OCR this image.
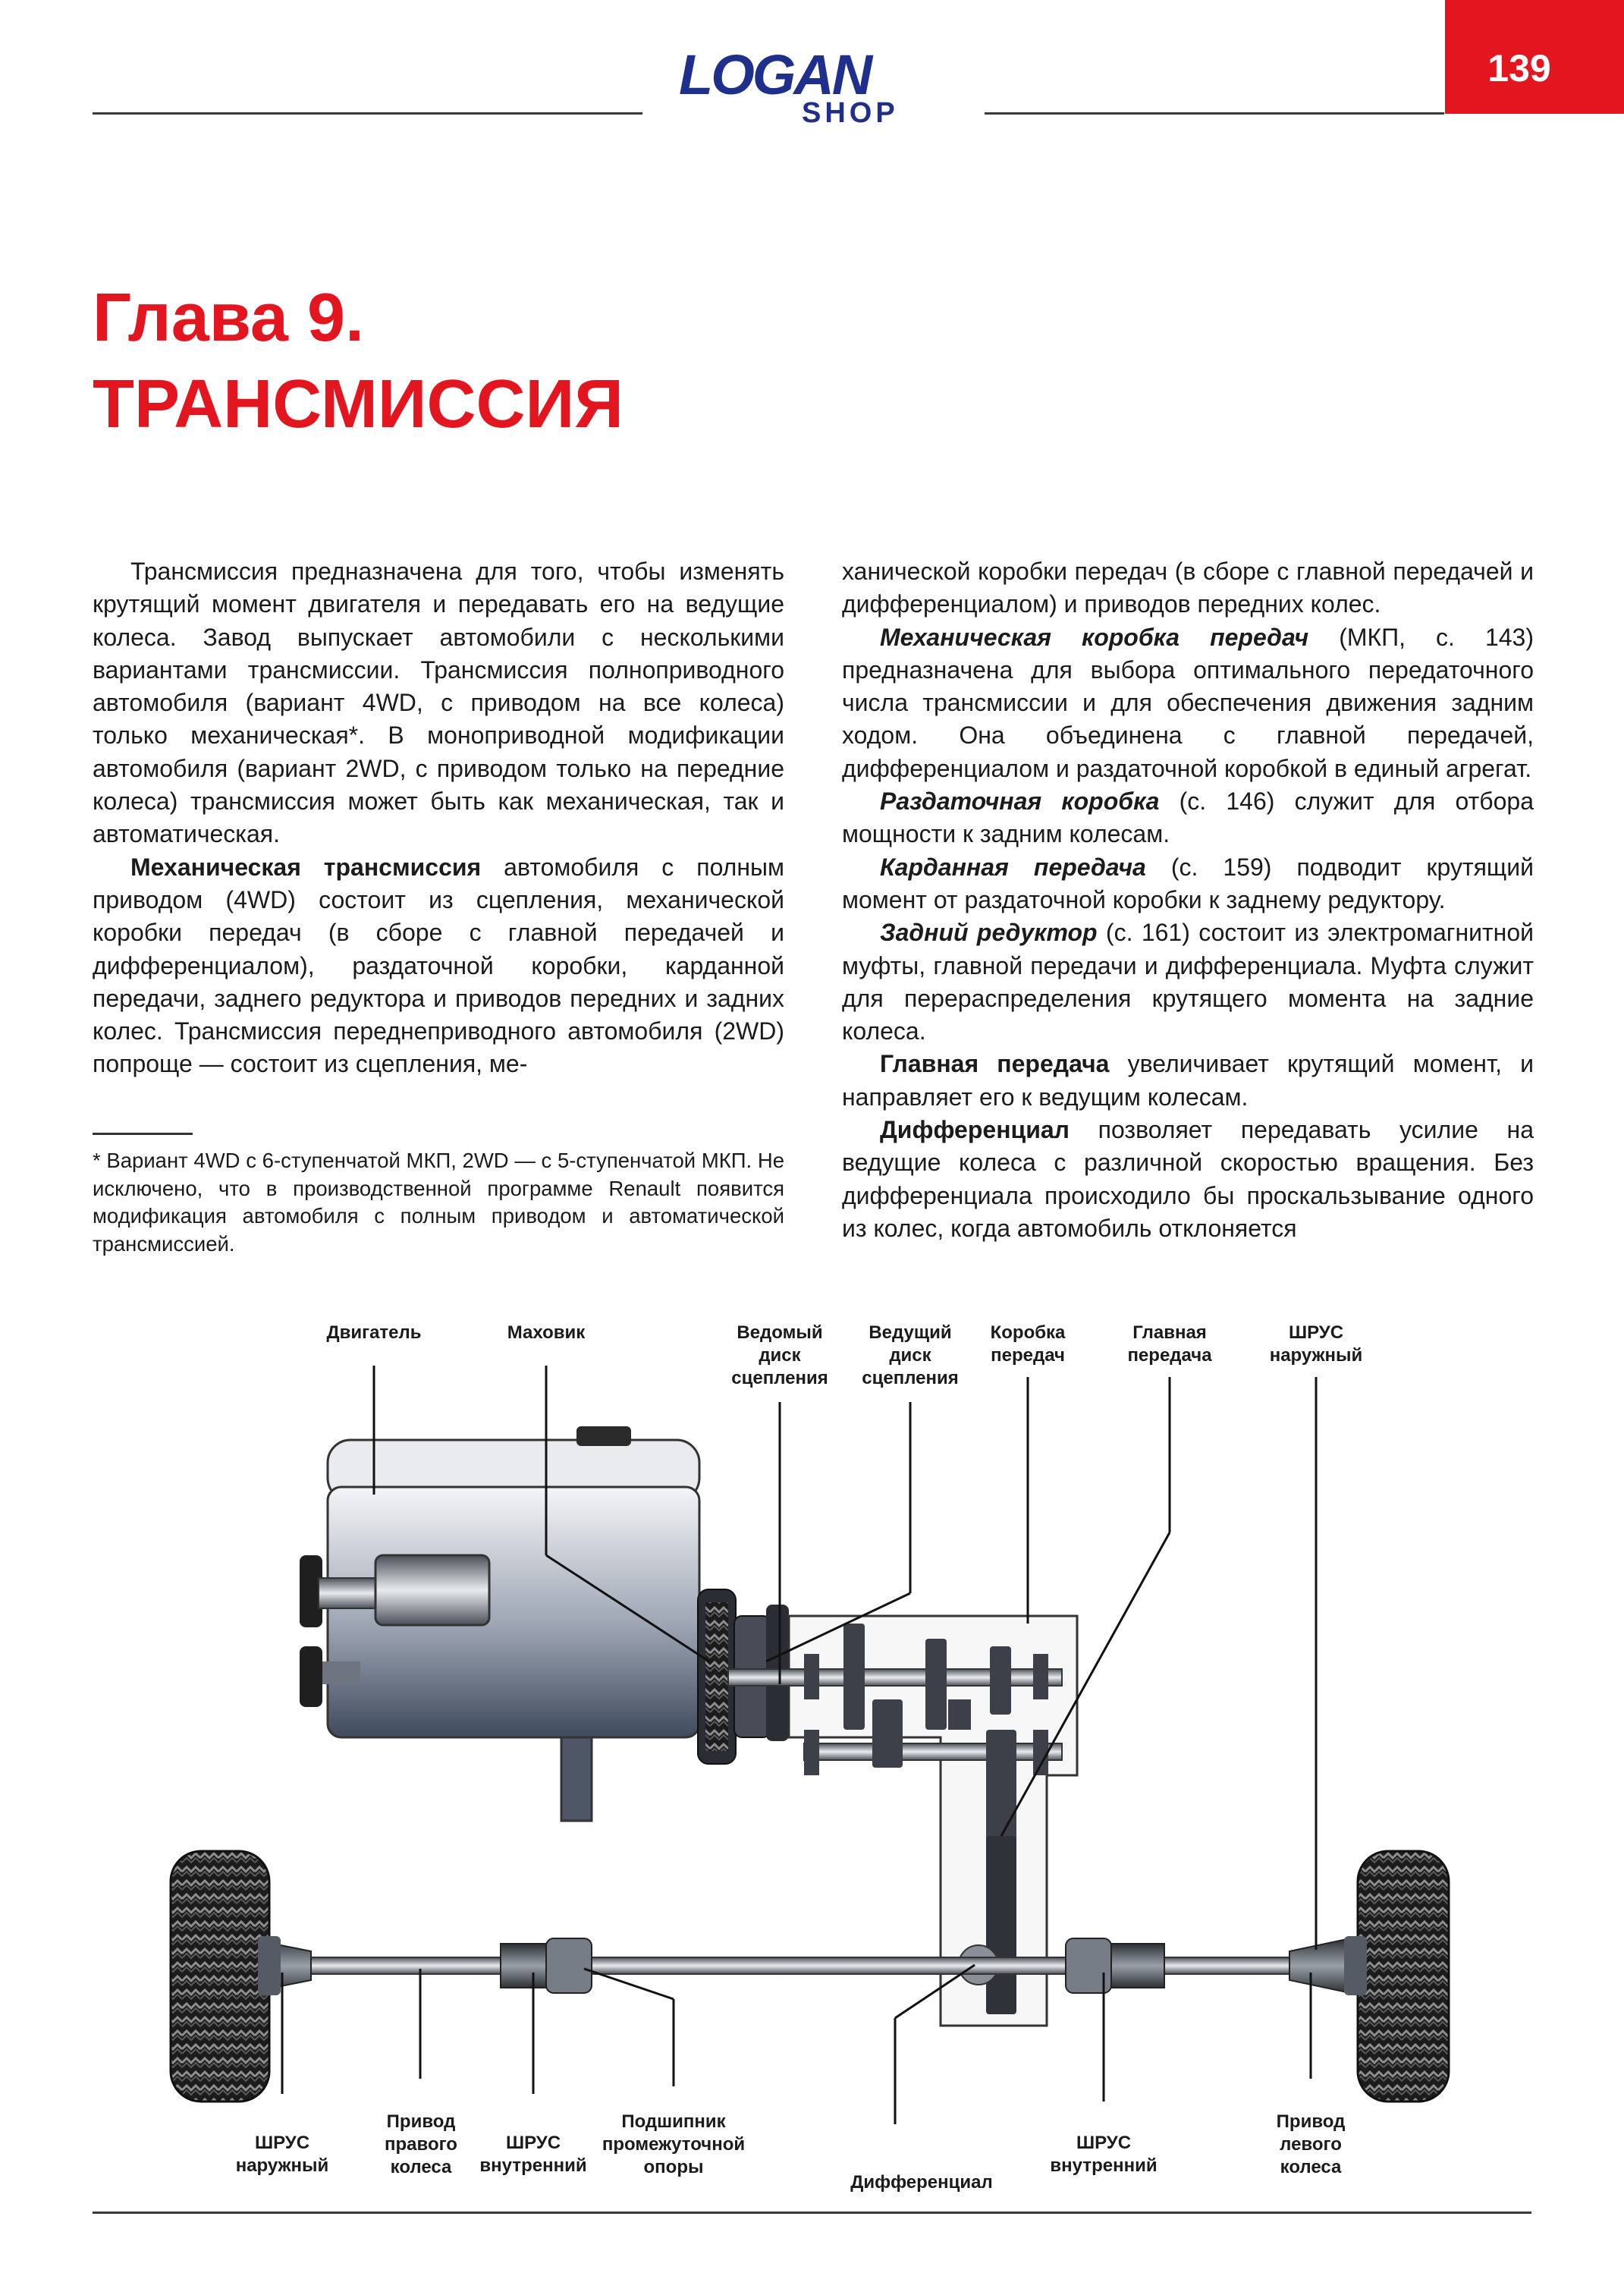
LOGAN
SHOP
139
Глава 9.
ТРАНСМИССИЯ

Трансмиссия предназначена для того, чтобы изменять крутящий момент двигателя и передавать его на ведущие колеса. Завод выпускает автомобили с несколькими вариантами трансмиссии. Трансмиссия полноприводного автомобиля (вариант 4WD, с приводом на все колеса) только механическая*. В моноприводной модификации автомобиля (вариант 2WD, с приводом только на передние колеса) трансмиссия может быть как механическая, так и автоматическая.

Механическая трансмиссия автомобиля с полным приводом (4WD) состоит из сцепления, механической коробки передач (в сборе с главной передачей и дифференциалом), раздаточной коробки, карданной передачи, заднего редуктора и приводов передних и задних колес. Трансмиссия переднеприводного автомобиля (2WD) попроще — состоит из сцепления, ме-

* Вариант 4WD с 6-ступенчатой МКП, 2WD — с 5-ступенчатой МКП. Не исключено, что в производственной программе Renault появится модификация автомобиля с полным приводом и автоматической трансмиссией.

ханической коробки передач (в сборе с главной передачей и дифференциалом) и приводов передних колес.

Механическая коробка передач (МКП, с. 143) предназначена для выбора оптимального передаточного числа трансмиссии и для обеспечения движения задним ходом. Она объединена с главной передачей, дифференциалом и раздаточной коробкой в единый агрегат.

Раздаточная коробка (с. 146) служит для отбора мощности к задним колесам.

Карданная передача (с. 159) подводит крутящий момент от раздаточной коробки к заднему редуктору.

Задний редуктор (с. 161) состоит из электромагнитной муфты, главной передачи и дифференциала. Муфта служит для перераспределения крутящего момента на задние колеса.

Главная передача увеличивает крутящий момент, и направляет его к ведущим колесам.

Дифференциал позволяет передавать усилие на ведущие колеса с различной скоростью вращения. Без дифференциала происходило бы проскальзывание одного из колес, когда автомобиль отклоняется

Двигатель	Маховик	Ведомый
диск
сцепления
Ведущий
диск
сцепления
Коробка
передач
Главная
передача
ШРУС
наружный
ШРУС
наружный
Привод
правого
колеса
ШРУС
внутренний
Подшипник
промежуточной
опоры
Дифференциал
ШРУС
внутренний
Привод
левого
колеса
